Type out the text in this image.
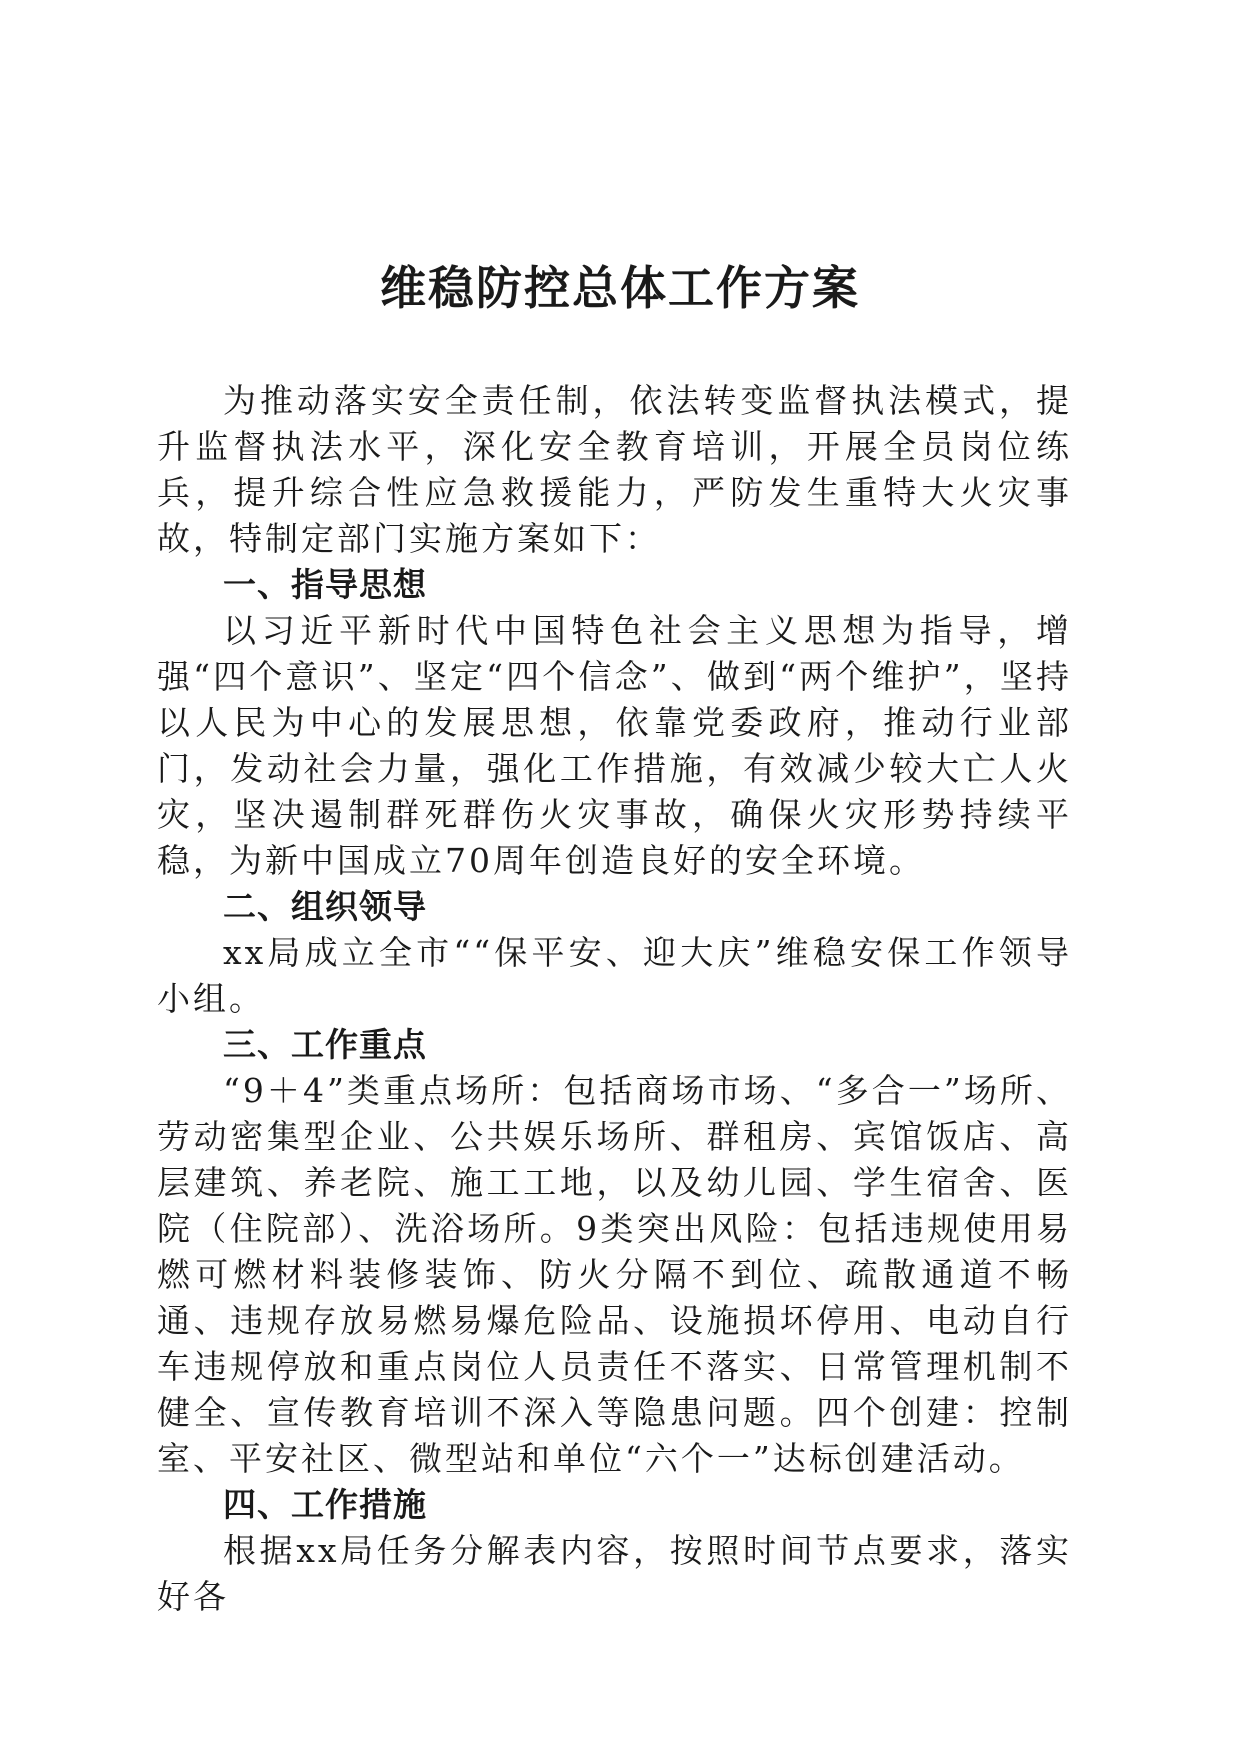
维稳防控总体工作方案

为推动落实安全责任制，依法转变监督执法模式，提升监督执法水平，深化安全教育培训，开展全员岗位练兵，提升综合性应急救援能力，严防发生重特大火灾事故，特制定部门实施方案如下：

一、指导思想

以习近平新时代中国特色社会主义思想为指导，增强“四个意识”、坚定“四个信念”、做到“两个维护”，坚持以人民为中心的发展思想，依靠党委政府，推动行业部门，发动社会力量，强化工作措施，有效减少较大亡人火灾，坚决遏制群死群伤火灾事故，确保火灾形势持续平稳，为新中国成立70周年创造良好的安全环境。

二、组织领导

xx局成立全市““保平安、迎大庆”维稳安保工作领导小组。

三、工作重点

“9＋4”类重点场所：包括商场市场、“多合一”场所、劳动密集型企业、公共娱乐场所、群租房、宾馆饭店、高层建筑、养老院、施工工地，以及幼儿园、学生宿舍、医院（住院部）、洗浴场所。9类突出风险：包括违规使用易燃可燃材料装修装饰、防火分隔不到位、疏散通道不畅通、违规存放易燃易爆危险品、设施损坏停用、电动自行车违规停放和重点岗位人员责任不落实、日常管理机制不健全、宣传教育培训不深入等隐患问题。四个创建：控制室、平安社区、微型站和单位“六个一”达标创建活动。

四、工作措施

根据xx局任务分解表内容，按照时间节点要求，落实好各
